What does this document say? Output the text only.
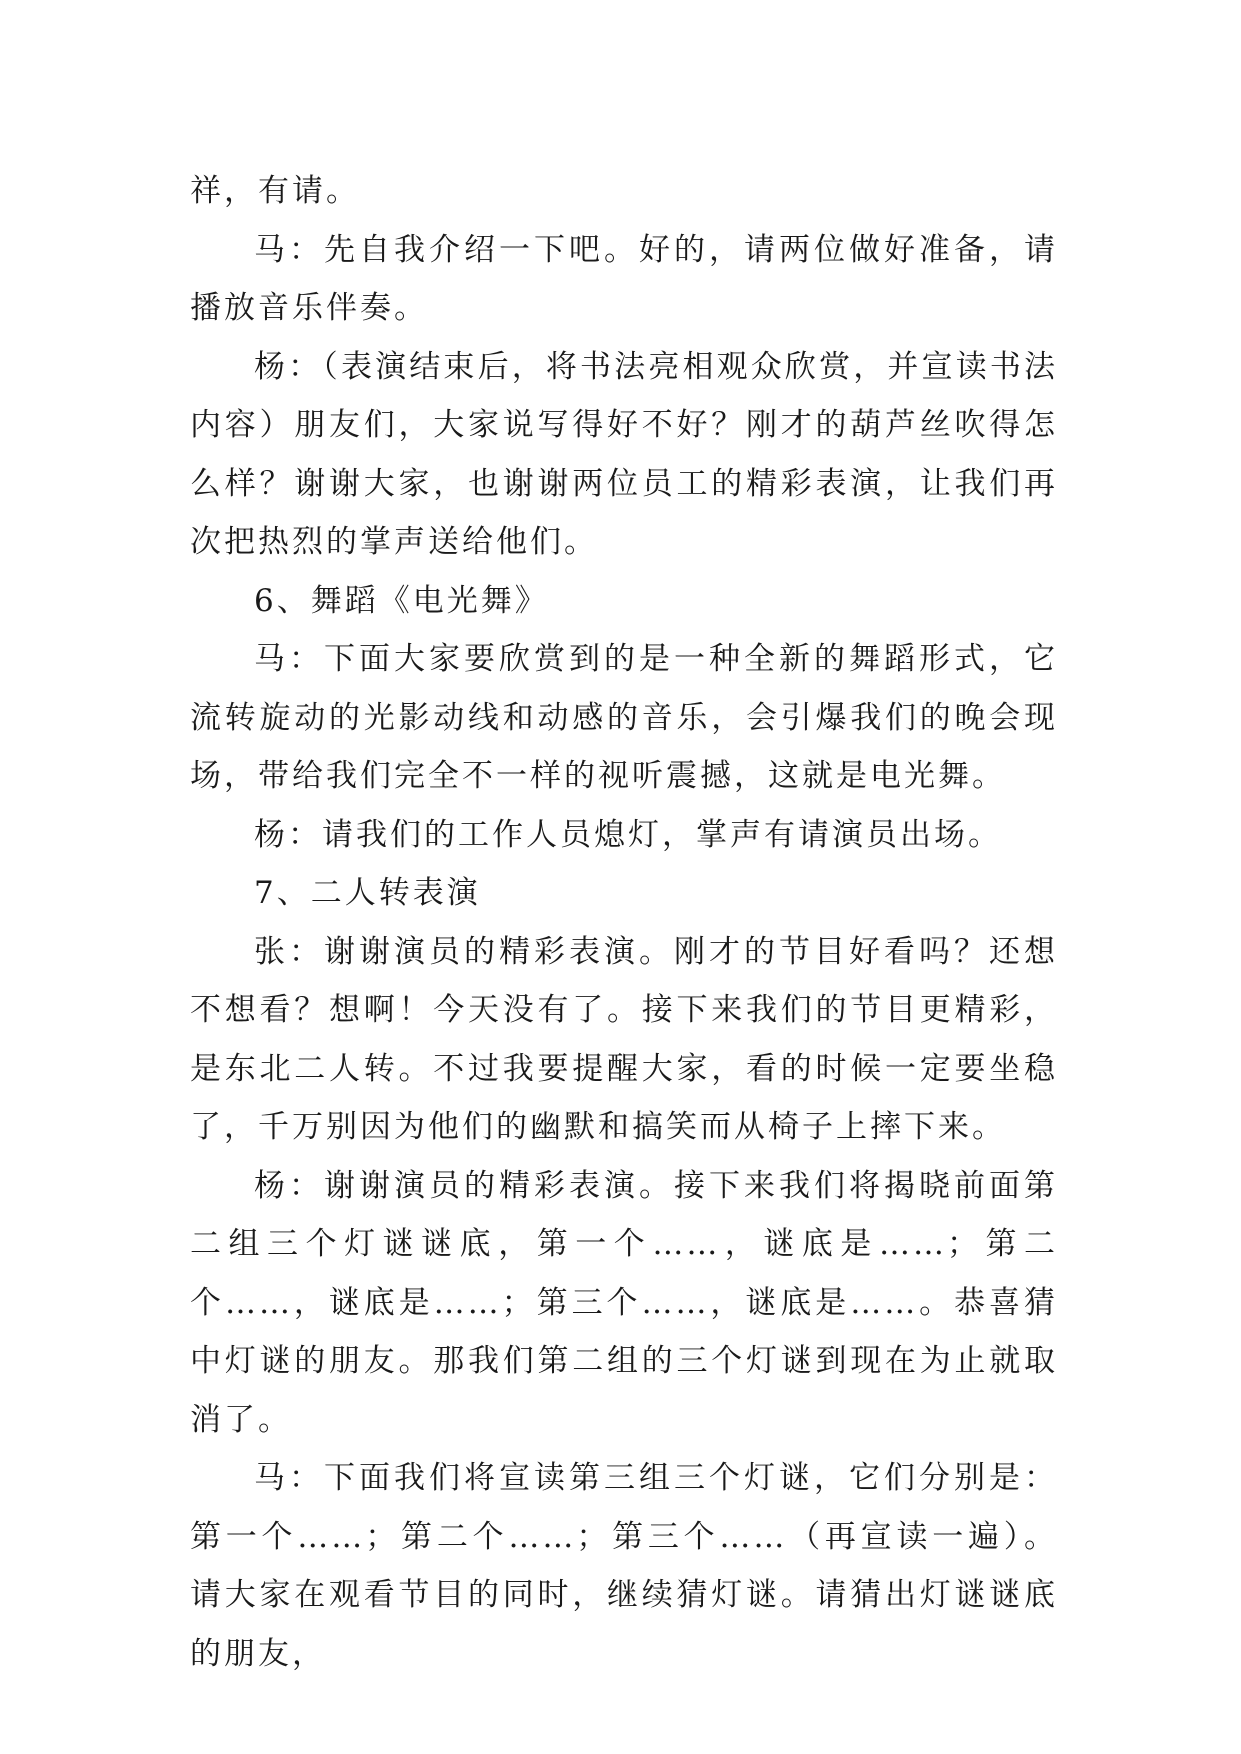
祥，有请。

马：先自我介绍一下吧。好的，请两位做好准备，请播放音乐伴奏。

杨：（表演结束后，将书法亮相观众欣赏，并宣读书法内容）朋友们，大家说写得好不好？刚才的葫芦丝吹得怎么样？谢谢大家，也谢谢两位员工的精彩表演，让我们再次把热烈的掌声送给他们。

6、舞蹈《电光舞》

马：下面大家要欣赏到的是一种全新的舞蹈形式，它流转旋动的光影动线和动感的音乐，会引爆我们的晚会现场，带给我们完全不一样的视听震撼，这就是电光舞。

杨：请我们的工作人员熄灯，掌声有请演员出场。

7、二人转表演

张：谢谢演员的精彩表演。刚才的节目好看吗？还想不想看？想啊！今天没有了。接下来我们的节目更精彩，是东北二人转。不过我要提醒大家，看的时候一定要坐稳了，千万别因为他们的幽默和搞笑而从椅子上摔下来。

杨：谢谢演员的精彩表演。接下来我们将揭晓前面第二组三个灯谜谜底，第一个……，谜底是……；第二个……，谜底是……；第三个……，谜底是……。恭喜猜中灯谜的朋友。那我们第二组的三个灯谜到现在为止就取消了。

马：下面我们将宣读第三组三个灯谜，它们分别是：第一个……；第二个……；第三个……（再宣读一遍）。请大家在观看节目的同时，继续猜灯谜。请猜出灯谜谜底的朋友，
